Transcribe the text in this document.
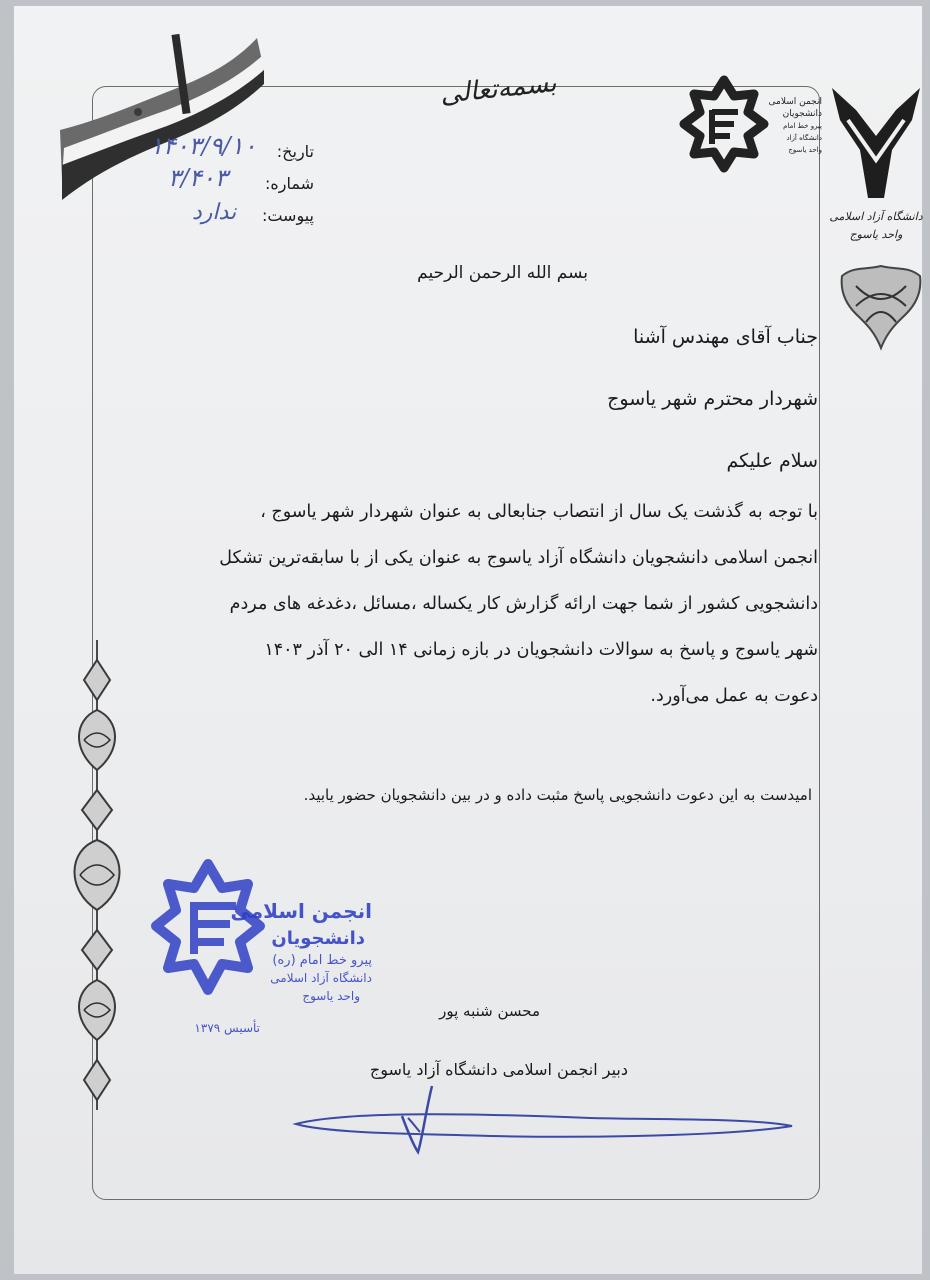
بسمه‌تعالی
تاریخ:
۱۴۰۳/۹/۱۰
شماره:
۳/۴۰۳
پیوست:
ندارد
انجمن اسلامی
دانشجویان
پیرو خط امام
دانشگاه آزاد
واحد یاسوج
دانشگاه آزاد اسلامی
واحد یاسوج
بسم الله الرحمن الرحیم
جناب آقای مهندس آشنا
شهردار محترم شهر یاسوج
سلام علیکم
با توجه به گذشت یک سال از انتصاب جنابعالی به عنوان شهردار شهر یاسوج ،
انجمن اسلامی دانشجویان دانشگاه آزاد یاسوج به عنوان یکی از با سابقه‌ترین تشکل
دانشجویی کشور از شما جهت ارائه گزارش کار یکساله ،مسائل ،دغدغه های مردم
شهر یاسوج و پاسخ به سوالات دانشجویان در بازه زمانی ۱۴ الی ۲۰ آذر ۱۴۰۳
دعوت به عمل می‌آورد.
امیدست به این دعوت دانشجویی پاسخ مثبت داده و در بین دانشجویان حضور یابید.
انجمن اسلامی
دانشجویان
پیرو خط امام (ره)
دانشگاه آزاد اسلامی
واحد یاسوج
تأسیس ۱۳۷۹
محسن شنبه پور
دبیر انجمن اسلامی دانشگاه آزاد یاسوج
